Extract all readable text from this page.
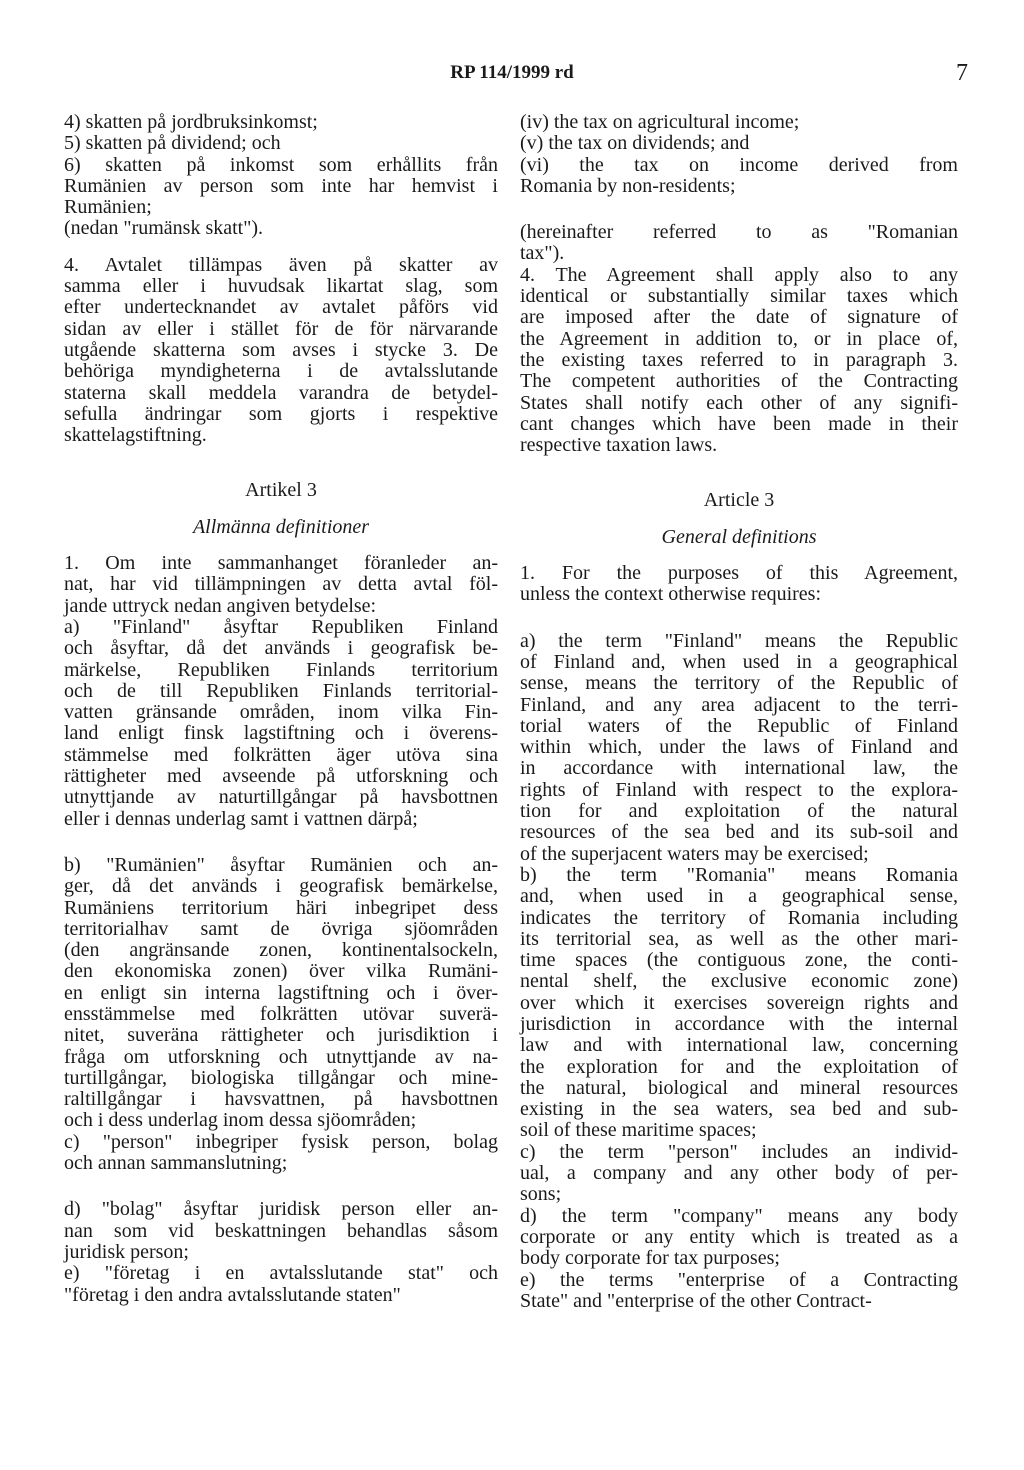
RP 114/1999 rd	7

4) skatten på jordbruksinkomst;

5) skatten på dividend; och

6) skatten på inkomst som erhållits från

Rumänien av person som inte har hemvist i

Rumänien;

(nedan "rumänsk skatt").

4. Avtalet tillämpas även på skatter av

samma eller i huvudsak likartat slag, som

efter undertecknandet av avtalet påförs vid

sidan av eller i stället för de för närvarande

utgående skatterna som avses i stycke 3. De

behöriga myndigheterna i de avtalsslutande

staterna skall meddela varandra de betydel-

sefulla ändringar som gjorts i respektive

skattelagstiftning.

Artikel 3

Allmänna definitioner

1. Om inte sammanhanget föranleder an-

nat, har vid tillämpningen av detta avtal föl-

jande uttryck nedan angiven betydelse:

a) "Finland" åsyftar Republiken Finland

och åsyftar, då det används i geografisk be-

märkelse, Republiken Finlands territorium

och de till Republiken Finlands territorial-

vatten gränsande områden, inom vilka Fin-

land enligt finsk lagstiftning och i överens-

stämmelse med folkrätten äger utöva sina

rättigheter med avseende på utforskning och

utnyttjande av naturtillgångar på havsbottnen

eller i dennas underlag samt i vattnen därpå;

b) "Rumänien" åsyftar Rumänien och an-

ger, då det används i geografisk bemärkelse,

Rumäniens territorium häri inbegripet dess

territorialhav samt de övriga sjöområden

(den angränsande zonen, kontinentalsockeln,

den ekonomiska zonen) över vilka Rumäni-

en enligt sin interna lagstiftning och i över-

ensstämmelse med folkrätten utövar suverä-

nitet, suveräna rättigheter och jurisdiktion i

fråga om utforskning och utnyttjande av na-

turtillgångar, biologiska tillgångar och mine-

raltillgångar i havsvattnen, på havsbottnen

och i dess underlag inom dessa sjöområden;

c) "person" inbegriper fysisk person, bolag

och annan sammanslutning;

d) "bolag" åsyftar juridisk person eller an-

nan som vid beskattningen behandlas såsom

juridisk person;

e) "företag i en avtalsslutande stat" och

"företag i den andra avtalsslutande staten"

(iv) the tax on agricultural income;

(v) the tax on dividends; and

(vi) the tax on income derived from

Romania by non-residents;

(hereinafter referred to as "Romanian

tax").

4. The Agreement shall apply also to any

identical or substantially similar taxes which

are imposed after the date of signature of

the Agreement in addition to, or in place of,

the existing taxes referred to in paragraph 3.

The competent authorities of the Contracting

States shall notify each other of any signifi-

cant changes which have been made in their

respective taxation laws.

Article 3

General definitions

1. For the purposes of this Agreement,

unless the context otherwise requires:

a) the term "Finland" means the Republic

of Finland and, when used in a geographical

sense, means the territory of the Republic of

Finland, and any area adjacent to the terri-

torial waters of the Republic of Finland

within which, under the laws of Finland and

in accordance with international law, the

rights of Finland with respect to the explora-

tion for and exploitation of the natural

resources of the sea bed and its sub-soil and

of the superjacent waters may be exercised;

b) the term "Romania" means Romania

and, when used in a geographical sense,

indicates the territory of Romania including

its territorial sea, as well as the other mari-

time spaces (the contiguous zone, the conti-

nental shelf, the exclusive economic zone)

over which it exercises sovereign rights and

jurisdiction in accordance with the internal

law and with international law, concerning

the exploration for and the exploitation of

the natural, biological and mineral resources

existing in the sea waters, sea bed and sub-

soil of these maritime spaces;

c) the term "person" includes an individ-

ual, a company and any other body of per-

sons;

d) the term "company" means any body

corporate or any entity which is treated as a

body corporate for tax purposes;

e) the terms "enterprise of a Contracting

State" and "enterprise of the other Contract-
